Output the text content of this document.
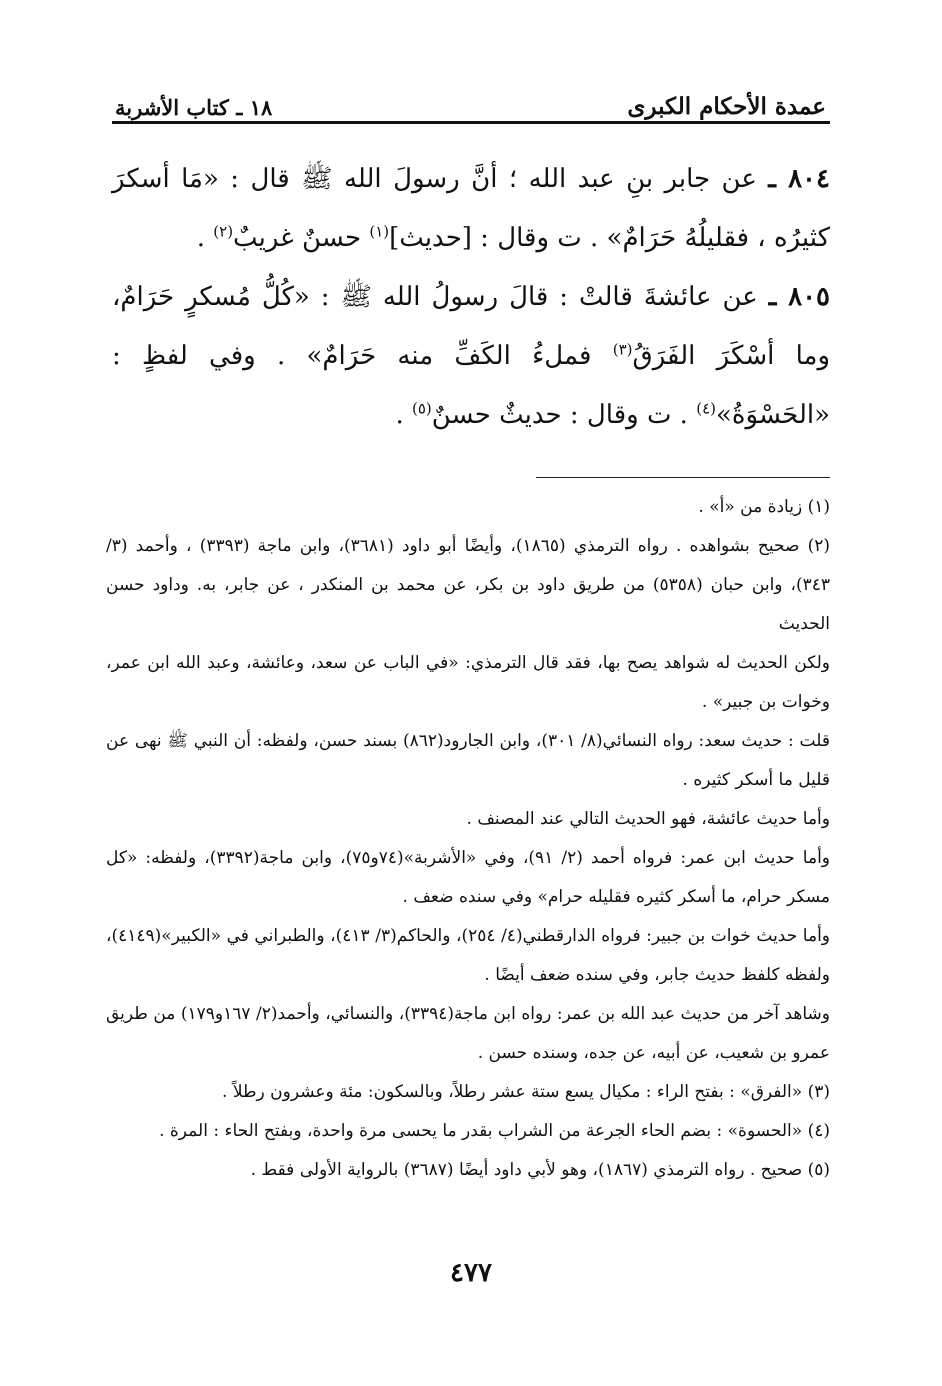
عمدة الأحكام الكبرى
١٨ ـ كتاب الأشربة

٨٠٤ ـ عن جابر بنِ عبد الله ؛ أنَّ رسولَ الله ﷺ قال : «مَا أسكرَ كثيرُه ، فقليلُهُ حَرَامٌ» . ت وقال : [حديث]$^{(١)}$ حسنٌ غريبٌ$^{(٢)}$ .

٨٠٥ ـ عن عائشةَ قالتْ : قالَ رسولُ الله ﷺ : «كُلُّ مُسكرٍ حَرَامٌ، وما أسْكَرَ الفَرَقُ$^{(٣)}$ فملءُ الكَفِّ منه حَرَامٌ» . وفي لفظٍ : «الحَسْوَةُ»$^{(٤)}$ . ت وقال : حديثٌ حسنٌ$^{(٥)}$ .

(١) زيادة من «أ» .

(٢) صحيح بشواهده . رواه الترمذي (١٨٦٥)، وأيضًا أبو داود (٣٦٨١)، وابن ماجة (٣٣٩٣) ، وأحمد (٣/ ٣٤٣)، وابن حبان (٥٣٥٨) من طريق داود بن بكر، عن محمد بن المنكدر ، عن جابر، به. وداود حسن الحديث

ولكن الحديث له شواهد يصح بها، فقد قال الترمذي: «في الباب عن سعد، وعائشة، وعبد الله ابن عمر، وخوات بن جبير» .

قلت : حديث سعد: رواه النسائي(٨/ ٣٠١)، وابن الجارود(٨٦٢) بسند حسن، ولفظه: أن النبي ﷺ نهى عن قليل ما أسكر كثيره .

وأما حديث عائشة، فهو الحديث التالي عند المصنف .

وأما حديث ابن عمر: فرواه أحمد (٢/ ٩١)، وفي «الأشربة»(٧٤و٧٥)، وابن ماجة(٣٣٩٢)، ولفظه: «كل مسكر حرام، ما أسكر كثيره فقليله حرام» وفي سنده ضعف .

وأما حديث خوات بن جبير: فرواه الدارقطني(٤/ ٢٥٤)، والحاكم(٣/ ٤١٣)، والطبراني في «الكبير»(٤١٤٩)، ولفظه كلفظ حديث جابر، وفي سنده ضعف أيضًا .

وشاهد آخر من حديث عبد الله بن عمر: رواه ابن ماجة(٣٣٩٤)، والنسائي، وأحمد(٢/ ١٦٧و١٧٩) من طريق عمرو بن شعيب، عن أبيه، عن جده، وسنده حسن .

(٣) «الفرق» : بفتح الراء : مكيال يسع ستة عشر رطلاً، وبالسكون: مئة وعشرون رطلاً .

(٤) «الحسوة» : بضم الحاء الجرعة من الشراب بقدر ما يحسى مرة واحدة، وبفتح الحاء : المرة .

(٥) صحيح . رواه الترمذي (١٨٦٧)، وهو لأبي داود أيضًا (٣٦٨٧) بالرواية الأولى فقط .

٤٧٧
